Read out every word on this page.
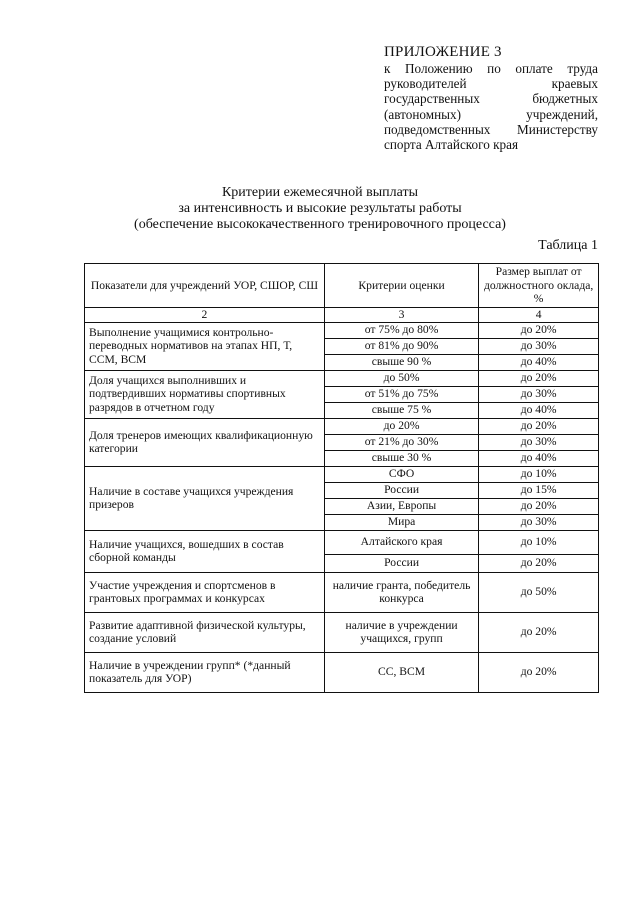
ПРИЛОЖЕНИЕ 3
к Положению по оплате труда руководителей краевых государственных бюджетных (автономных) учреждений, подведомственных Министерству спорта Алтайского края
Критерии ежемесячной выплаты
за интенсивность и высокие результаты работы
(обеспечение высококачественного тренировочного процесса)
Таблица 1
Показатели для учреждений УОР, СШОР, СШ	Критерии оценки	Размер выплат от должностного оклада, %
2	3	4
Выполнение учащимися контрольно-переводных нормативов на этапах НП, Т, ССМ, ВСМ	от 75% до 80%	до 20%
	от 81% до 90%	до 30%
	свыше 90 %	до 40%
Доля учащихся выполнивших и подтвердивших нормативы спортивных разрядов в отчетном году	до 50%	до 20%
	от 51% до 75%	до 30%
	свыше 75 %	до 40%
Доля тренеров имеющих квалификационную категории	до 20%	до 20%
	от 21% до 30%	до 30%
	свыше 30 %	до 40%
Наличие в составе учащихся учреждения призеров	СФО	до 10%
	России	до 15%
	Азии, Европы	до 20%
	Мира	до 30%
Наличие учащихся, вошедших в состав сборной команды	Алтайского края	до 10%
	России	до 20%
Участие учреждения и спортсменов в грантовых программах и конкурсах	наличие гранта, победитель конкурса	до 50%
Развитие адаптивной физической культуры, создание условий	наличие в учреждении учащихся, групп	до 20%
Наличие в учреждении групп* (*данный показатель для УОР)	СС, ВСМ	до 20%
